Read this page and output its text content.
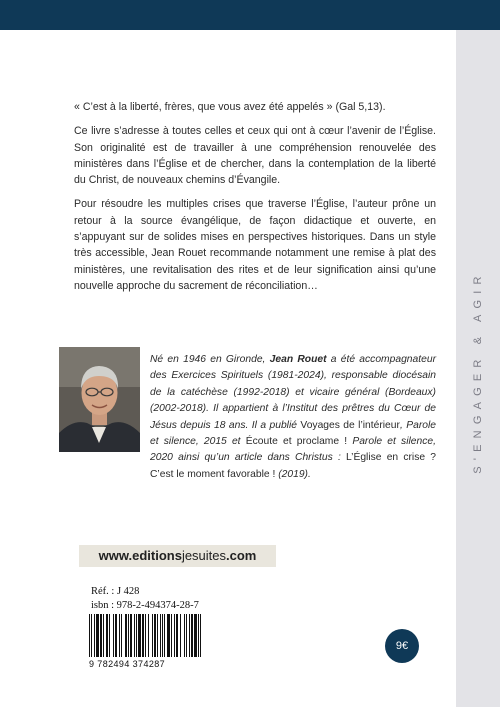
S'ENGAGER & AGIR

« C’est à la liberté, frères, que vous avez été appelés » (Gal 5,13).

Ce livre s’adresse à toutes celles et ceux qui ont à cœur l’avenir de l’Église. Son originalité est de travailler à une compréhension renouvelée des ministères dans l’Église et de chercher, dans la contemplation de la liberté du Christ, de nouveaux chemins d’Évangile.

Pour résoudre les multiples crises que traverse l’Église, l’auteur prône un retour à la source évangélique, de façon didactique et ouverte, en s’appuyant sur de solides mises en perspectives historiques. Dans un style très accessible, Jean Rouet recommande notamment une remise à plat des ministères, une revitalisation des rites et de leur signification ainsi qu’une nouvelle approche du sacrement de réconciliation…

Né en 1946 en Gironde, Jean Rouet a été accompagnateur des Exercices Spirituels (1981-2024), responsable diocésain de la catéchèse (1992-2018) et vicaire général (Bordeaux) (2002-2018). Il appartient à l’Institut des prêtres du Cœur de Jésus depuis 18 ans. Il a publié Voyages de l’intérieur, Parole et silence, 2015 et Écoute et proclame ! Parole et silence, 2020 ainsi qu’un article dans Christus : L’Église en crise ? C’est le moment favorable ! (2019).
www.editionsjesuites.com
Réf. : J 428
isbn : 978-2-494374-28-7
9 782494 374287
9€
